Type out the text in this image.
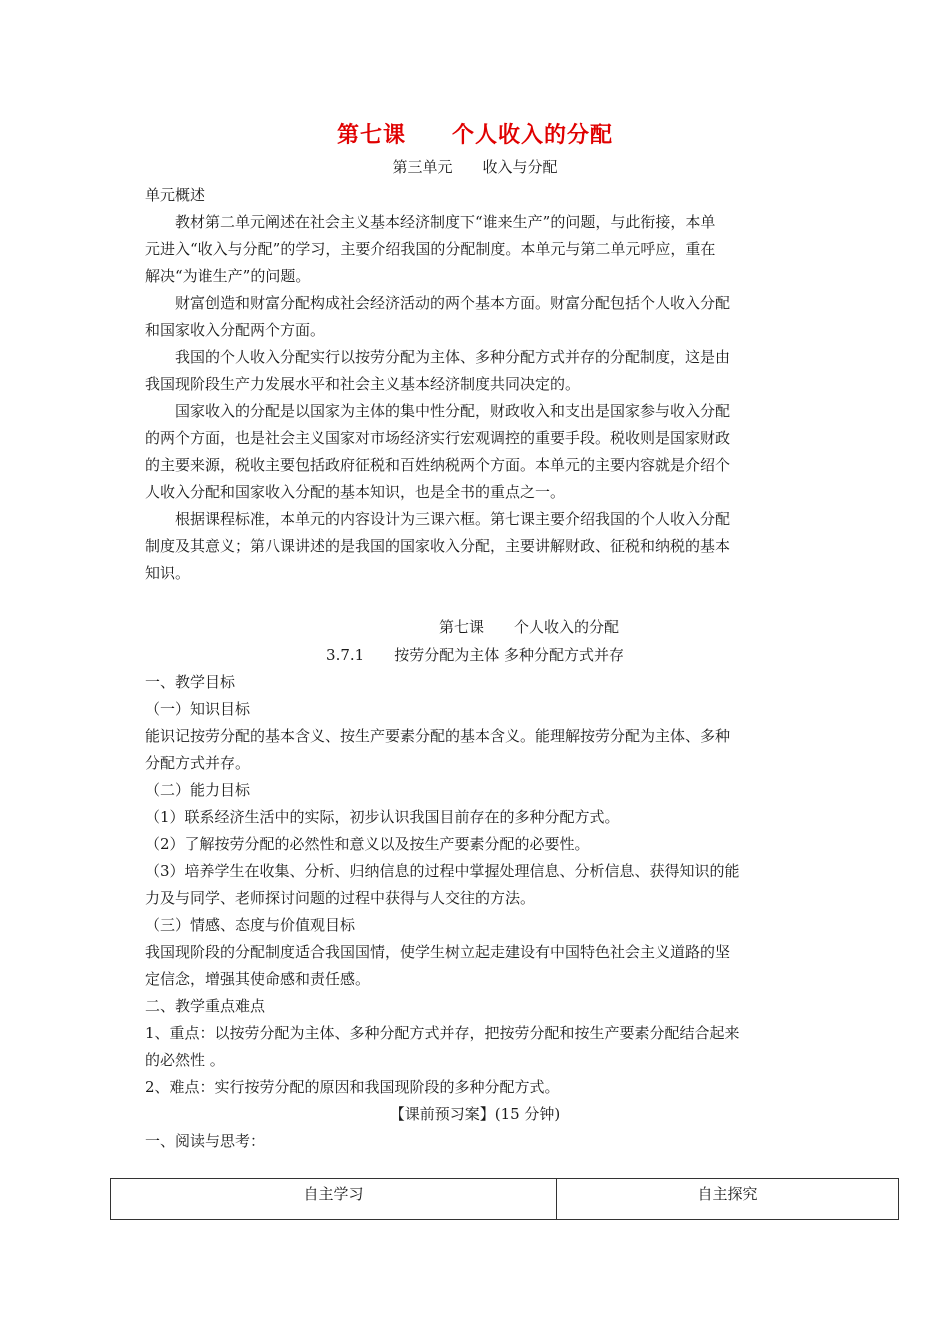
第七课　　个人收入的分配
第三单元　　收入与分配
单元概述
教材第二单元阐述在社会主义基本经济制度下“谁来生产”的问题，与此衔接，本单
元进入“收入与分配”的学习，主要介绍我国的分配制度。本单元与第二单元呼应，重在
解决“为谁生产”的问题。
财富创造和财富分配构成社会经济活动的两个基本方面。财富分配包括个人收入分配
和国家收入分配两个方面。
我国的个人收入分配实行以按劳分配为主体、多种分配方式并存的分配制度，这是由
我国现阶段生产力发展水平和社会主义基本经济制度共同决定的。
国家收入的分配是以国家为主体的集中性分配，财政收入和支出是国家参与收入分配
的两个方面，也是社会主义国家对市场经济实行宏观调控的重要手段。税收则是国家财政
的主要来源，税收主要包括政府征税和百姓纳税两个方面。本单元的主要内容就是介绍个
人收入分配和国家收入分配的基本知识，也是全书的重点之一。
根据课程标准，本单元的内容设计为三课六框。第七课主要介绍我国的个人收入分配
制度及其意义；第八课讲述的是我国的国家收入分配，主要讲解财政、征税和纳税的基本
知识。
第七课　　个人收入的分配
3.7.1　　按劳分配为主体 多种分配方式并存
一、教学目标
（一）知识目标
能识记按劳分配的基本含义、按生产要素分配的基本含义。能理解按劳分配为主体、多种
分配方式并存。
（二）能力目标
（1）联系经济生活中的实际，初步认识我国目前存在的多种分配方式。
（2）了解按劳分配的必然性和意义以及按生产要素分配的必要性。
（3）培养学生在收集、分析、归纳信息的过程中掌握处理信息、分析信息、获得知识的能
力及与同学、老师探讨问题的过程中获得与人交往的方法。
（三）情感、态度与价值观目标
我国现阶段的分配制度适合我国国情，使学生树立起走建设有中国特色社会主义道路的坚
定信念，增强其使命感和责任感。
二、教学重点难点
1、重点：以按劳分配为主体、多种分配方式并存，把按劳分配和按生产要素分配结合起来
的必然性 。
2、难点：实行按劳分配的原因和我国现阶段的多种分配方式。
【课前预习案】(15 分钟)
一、阅读与思考：
自主学习	自主探究
